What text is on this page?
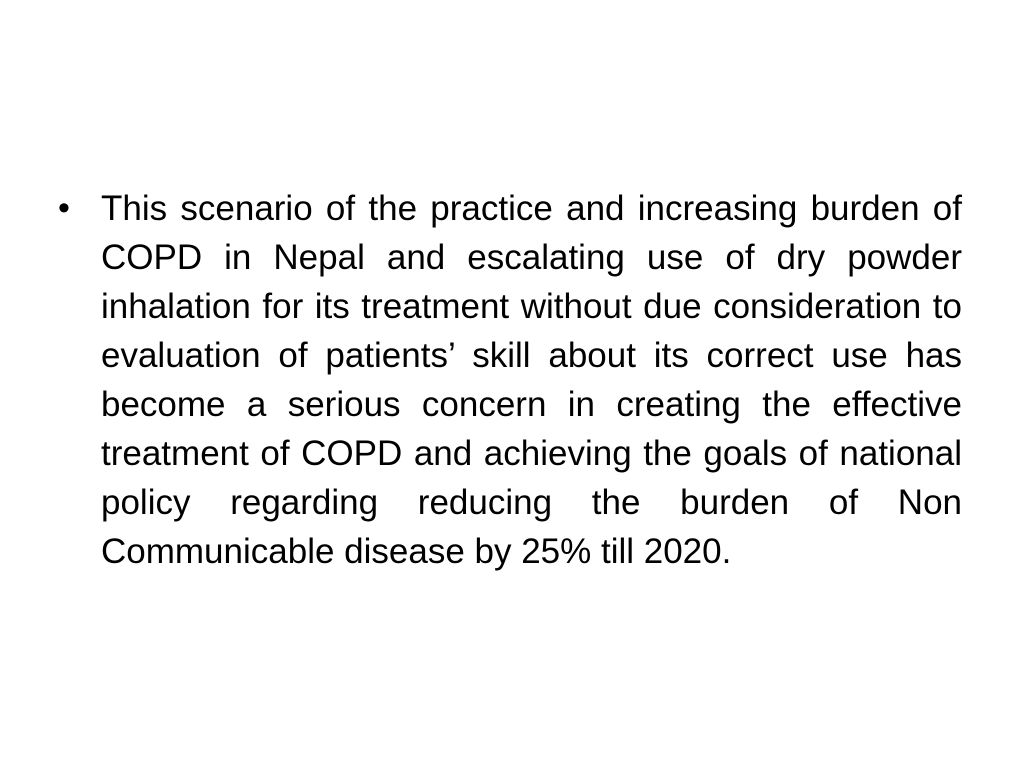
• This scenario of the practice and increasing burden of COPD in Nepal and escalating use of dry powder inhalation for its treatment without due consideration to evaluation of patients’ skill about its correct use has become a serious concern in creating the effective treatment of COPD and achieving the goals of national policy regarding reducing the burden of Non Communicable disease by 25% till 2020.
